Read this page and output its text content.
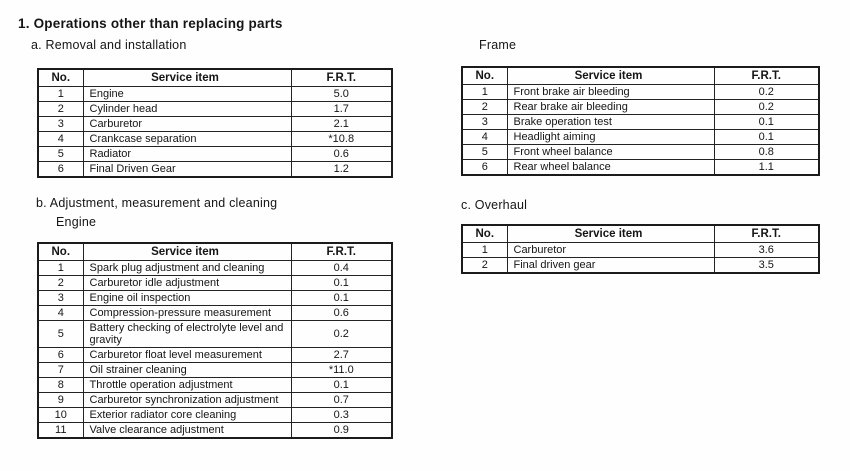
1. Operations other than replacing parts
a. Removal and installation
No.	Service item	F.R.T.
1	Engine	5.0
2	Cylinder head	1.7
3	Carburetor	2.1
4	Crankcase separation	*10.8
5	Radiator	0.6
6	Final Driven Gear	1.2
Frame
No.	Service item	F.R.T.
1	Front brake air bleeding	0.2
2	Rear brake air bleeding	0.2
3	Brake operation test	0.1
4	Headlight aiming	0.1
5	Front wheel balance	0.8
6	Rear wheel balance	1.1
b. Adjustment, measurement and cleaning
Engine
No.	Service item	F.R.T.
1	Spark plug adjustment and cleaning	0.4
2	Carburetor idle adjustment	0.1
3	Engine oil inspection	0.1
4	Compression-pressure measurement	0.6
5	Battery checking of electrolyte level and gravity	0.2
6	Carburetor float level measurement	2.7
7	Oil strainer cleaning	*11.0
8	Throttle operation adjustment	0.1
9	Carburetor synchronization adjustment	0.7
10	Exterior radiator core cleaning	0.3
11	Valve clearance adjustment	0.9
c. Overhaul
No.	Service item	F.R.T.
1	Carburetor	3.6
2	Final driven gear	3.5
